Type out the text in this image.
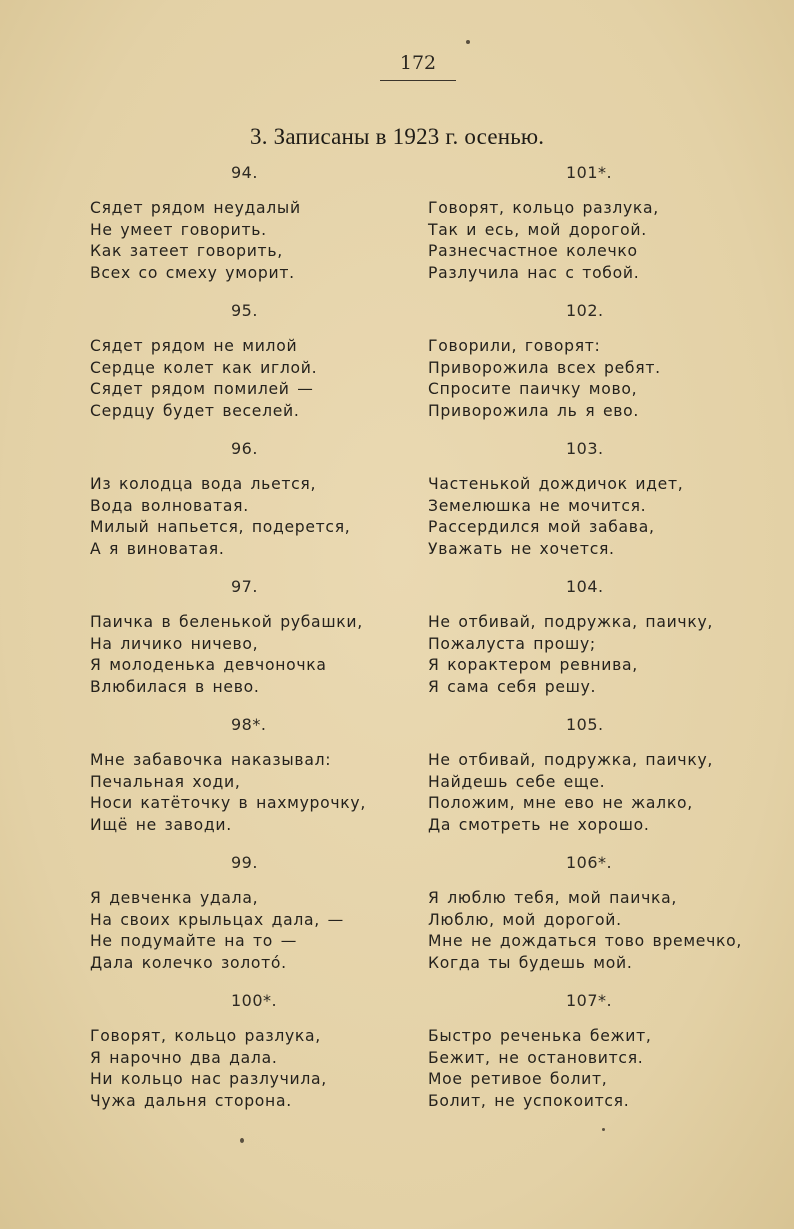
172
3. Записаны в 1923 г. осенью.
94.
Сядет рядом неудалый
Не умеет говорить.
Как затеет говорить,
Всех со смеху уморит.
95.
Сядет рядом не милой
Сердце колет как иглой.
Сядет рядом помилей —
Сердцу будет веселей.
96.
Из колодца вода льется,
Вода волноватая.
Милый напьется, подерется,
А я виноватая.
97.
Паичка в беленькой рубашки,
На личико ничево,
Я молоденька девчоночка
Влюбилася в нево.
98*.
Мне забавочка наказывал:
Печальная ходи,
Носи катёточку в нахмурочку,
Ищё не заводи.
99.
Я девченка удала,
На своих крыльцах дала, —
Не подумайте на то —
Дала колечко золото́.
100*.
Говорят, кольцо разлука,
Я нарочно два дала.
Ни кольцо нас разлучила,
Чужа дальня сторона.
101*.
Говорят, кольцо разлука,
Так и есь, мой дорогой.
Разнесчастное колечко
Разлучила нас с тобой.
102.
Говорили, говорят:
Приворожила всех ребят.
Спросите паичку мово,
Приворожила ль я ево.
103.
Частенькой дождичок идет,
Земелюшка не мочится.
Рассердился мой забава,
Уважать не хочется.
104.
Не отбивай, подружка, паичку,
Пожалуста прошу;
Я корактером ревнива,
Я сама себя решу.
105.
Не отбивай, подружка, паичку,
Найдешь себе еще.
Положим, мне ево не жалко,
Да смотреть не хорошо.
106*.
Я люблю тебя, мой паичка,
Люблю, мой дорогой.
Мне не дождаться тово времечко,
Когда ты будешь мой.
107*.
Быстро реченька бежит,
Бежит, не остановится.
Мое ретивое болит,
Болит, не успокоится.
